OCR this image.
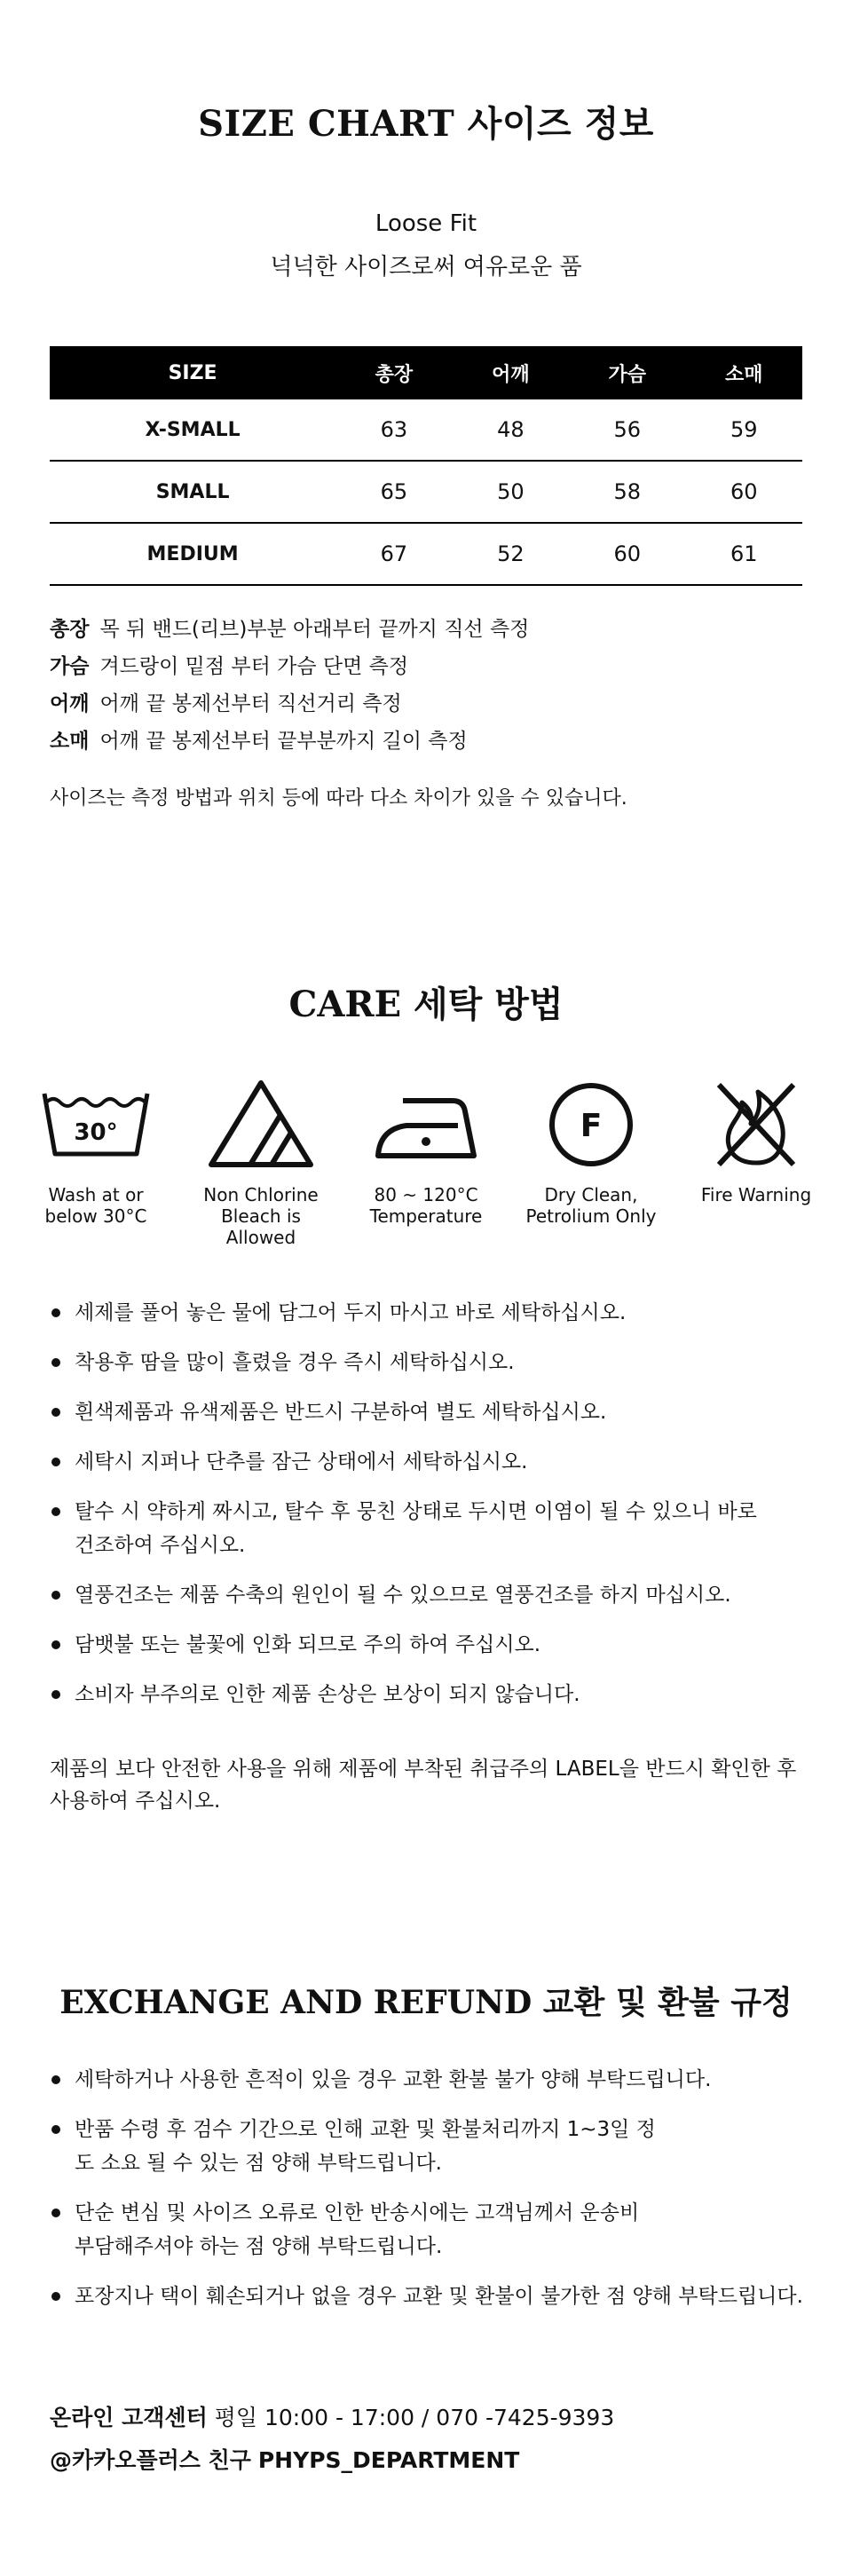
SIZE CHART 사이즈 정보
Loose Fit
넉넉한 사이즈로써 여유로운 품
SIZE	총장	어깨	가슴	소매
X-SMALL	63	48	56	59
SMALL	65	50	58	60
MEDIUM	67	52	60	61
총장 목 뒤 밴드(리브)부분 아래부터 끝까지 직선 측정
가슴 겨드랑이 밑점 부터 가슴 단면 측정
어깨 어깨 끝 봉제선부터 직선거리 측정
소매 어깨 끝 봉제선부터 끝부분까지 길이 측정
사이즈는 측정 방법과 위치 등에 따라 다소 차이가 있을 수 있습니다.
CARE 세탁 방법
30°
Wash at or
below 30°C
Non Chlorine
Bleach is
Allowed
80 ~ 120°C
Temperature
F
Dry Clean,
Petrolium Only
Fire Warning
세제를 풀어 놓은 물에 담그어 두지 마시고 바로 세탁하십시오.
착용후 땀을 많이 흘렸을 경우 즉시 세탁하십시오.
흰색제품과 유색제품은 반드시 구분하여 별도 세탁하십시오.
세탁시 지퍼나 단추를 잠근 상태에서 세탁하십시오.
탈수 시 약하게 짜시고, 탈수 후 뭉친 상태로 두시면 이염이 될 수 있으니 바로 건조하여 주십시오.
열풍건조는 제품 수축의 원인이 될 수 있으므로 열풍건조를 하지 마십시오.
담뱃불 또는 불꽃에 인화 되므로 주의 하여 주십시오.
소비자 부주의로 인한 제품 손상은 보상이 되지 않습니다.
제품의 보다 안전한 사용을 위해 제품에 부착된 취급주의 LABEL을 반드시 확인한 후 사용하여 주십시오.
EXCHANGE AND REFUND 교환 및 환불 규정
세탁하거나 사용한 흔적이 있을 경우 교환 환불 불가 양해 부탁드립니다.
반품 수령 후 검수 기간으로 인해 교환 및 환불처리까지 1~3일 정도 소요 될 수 있는 점 양해 부탁드립니다.
단순 변심 및 사이즈 오류로 인한 반송시에는 고객님께서 운송비 부담해주셔야 하는 점 양해 부탁드립니다.
포장지나 택이 훼손되거나 없을 경우 교환 및 환불이 불가한 점 양해 부탁드립니다.
온라인 고객센터 평일 10:00 - 17:00 / 070 -7425-9393
@카카오플러스 친구 PHYPS_DEPARTMENT
